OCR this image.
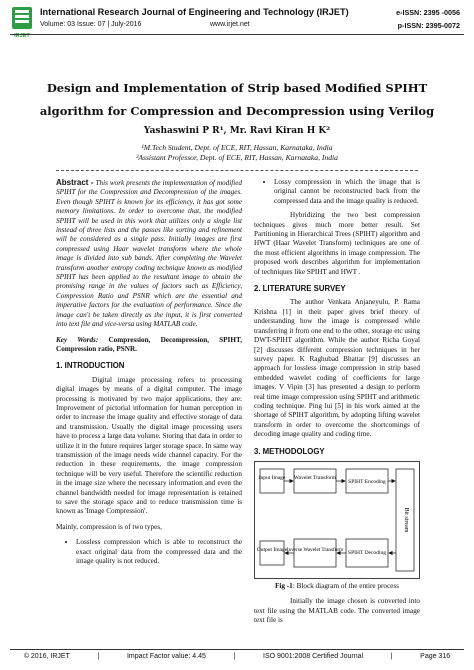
IRJET
International Research Journal of Engineering and Technology (IRJET)
Volume: 03 Issue: 07 | July-2016	www.irjet.net
e-ISSN: 2395 -0056
p-ISSN: 2395-0072
Design and Implementation of Strip based Modified SPIHT
algorithm for Compression and Decompression using Verilog
Yashaswini P R¹, Mr. Ravi Kiran H K²
¹M.Tech Student, Dept. of ECE, RIT, Hassan, Karnataka, India
²Assistant Professor, Dept. of ECE, RIT, Hassan, Karnataka, India

Abstract - This work presents the implementation of modified SPIHT for the Compression and Decompression of the images. Even though SPIHT is known for its efficiency, it has got some memory limitations. In order to overcome that, the modified SPIHT will be used in this work that utilizes only a single list instead of three lists and the passes like sorting and refinement will be considered as a single pass. Initially images are first compressed using Haar wavelet transform where the whole image is divided into sub bands. After completing the Wavelet transform another entropy coding technique known as modified SPIHT has been applied to the resultant image to obtain the promising range in the values of factors such as Efficiency, Compression Ratio and PSNR which are the essential and imperative factors for the evaluation of performance. Since the image can't be taken directly as the input, it is first converted into text file and vice-versa using MATLAB code.

Key Words: Compression, Decompression, SPIHT, Compression ratio, PSNR.

1. INTRODUCTION

Digital image processing refers to processing digital images by means of a digital computer. The image processing is motivated by two major applications, they are: Improvement of pictorial information for human perception in order to increase the image quality and effective storage of data and transmission. Usually the digital image processing users have to process a large data volume. Storing that data in order to utilize it in the future requires larger storage space. In same way transmission of the image needs wide channel capacity. For the reduction in these requirements, the image compression technique will be very useful. Therefore the scientific reduction in the image size where the necessary information and even the channel bandwidth needed for image representation is retained to save the storage space and to reduce transmission time is known as 'Image Compression'.

Mainly, compression is of two types,

• Lossless compression which is able to reconstruct the exact original data from the compressed data and the image quality is not reduced.
• Lossy compression in which the image that is original cannot be reconstructed back from the compressed data and the image quality is reduced.

Hybridizing the two best compression techniques gives much more better result. Set Partitioning in Hierarchical Trees (SPIHT) algorithm and HWT (Haar Wavelet Transform) techniques are one of the most efficient algorithms in image compression. The proposed work describes algorithm for implementation of techniques like SPIHT and HWT .

2. LITERATURE SURVEY

The author Venkata Anjaneyulu, P. Rama Krishna [1] in their paper gives brief theory of understanding how the image is compressed while transferring it from one end to the other, storage etc using DWT-SPIHT algorithm. While the author Richa Goyal [2] discusses different compression techniques in her survey paper. K Raghubad Bhattar [9] discusses an approach for lossless image compression in strip based embedded wavelet coding of coefficients for large images. V Vipin [3] has presented a design to perform real time image compression using SPIHT and arithmetic coding technique. Ping lui [5] in his work aimed at the shortage of SPIHT algorithm, by adopting lifting wavelet transform in order to overcome the shortcomings of decoding image quality and coding time.

3. METHODOLOGY
Input Image Wavelet Transform
SPIHT Encoding
Bit stream
Output Image Inverse Wavelet Transform SPIHT Decoding
Fig -1: Block diagram of the entire process

Initially the image chosen is converted into text file using the MATLAB code. The converted image text file is

© 2016, IRJET	|	Impact Factor value: 4.45	|	ISO 9001:2008 Certified Journal	|	Page 316
